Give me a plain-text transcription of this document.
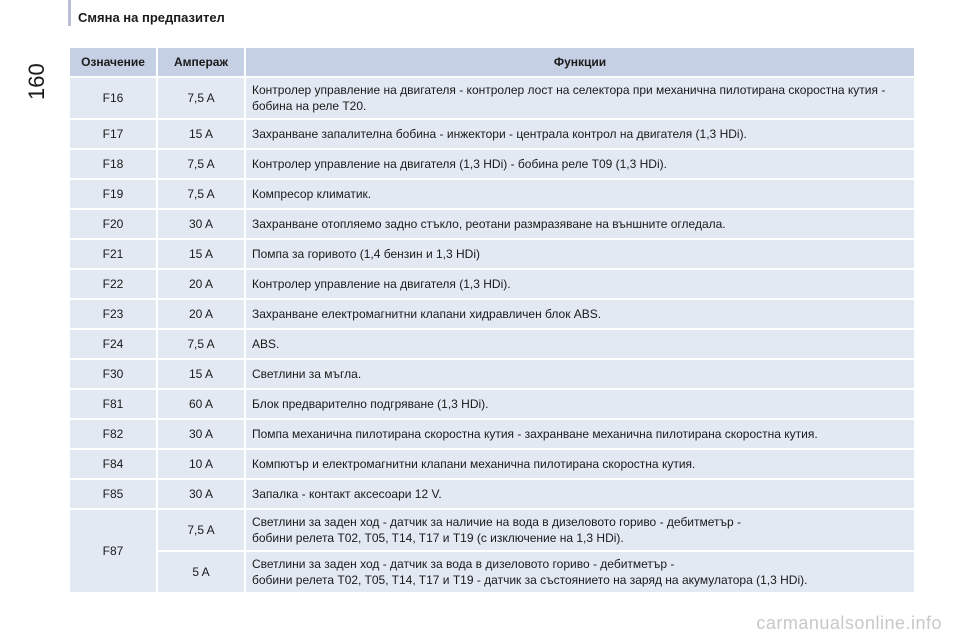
Смяна на предпазител
160
Означение	Ампераж	Функции
F16	7,5 A	Контролер управление на двигателя - контролер лост на селектора при механична пилотирана скоростна кутия - бобина на реле T20.
F17	15 A	Захранване запалителна бобина - инжектори - централа контрол на двигателя (1,3 HDi).
F18	7,5 A	Контролер управление на двигателя (1,3 HDi) - бобина реле T09 (1,3 HDi).
F19	7,5 A	Компресор климатик.
F20	30 A	Захранване отопляемо задно стъкло, реотани размразяване на външните огледала.
F21	15 A	Помпа за горивото (1,4 бензин и 1,3 HDi)
F22	20 A	Контролер управление на двигателя (1,3 HDi).
F23	20 A	Захранване електромагнитни клапани хидравличен блок ABS.
F24	7,5 A	ABS.
F30	15 A	Светлини за мъгла.
F81	60 A	Блок предварително подгряване (1,3 HDi).
F82	30 A	Помпа механична пилотирана скоростна кутия - захранване механична пилотирана скоростна кутия.
F84	10 A	Компютър и електромагнитни клапани механична пилотирана скоростна кутия.
F85	30 A	Запалка - контакт аксесоари 12 V.
F87	7,5 A	Светлини за заден ход - датчик за наличие на вода в дизеловото гориво - дебитметър -
бобини релета T02, T05, T14, T17 и T19 (с изключение на 1,3 HDi).
	5 A	Светлини за заден ход - датчик за вода в дизеловото гориво - дебитметър -
бобини релета T02, T05, T14, T17 и T19 - датчик за състоянието на заряд на акумулатора (1,3 HDi).
carmanualsonline.info
